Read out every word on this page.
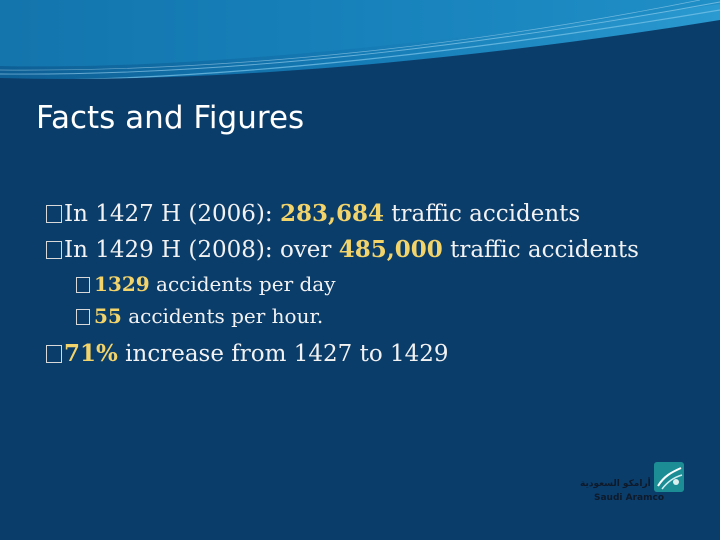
Facts and Figures
In 1427 H (2006): 283,684 traffic accidents
In 1429 H (2008): over 485,000 traffic accidents
1329 accidents per day
55 accidents per hour.
71% increase from 1427 to 1429
أرامكو السعودية
Saudi Aramco
